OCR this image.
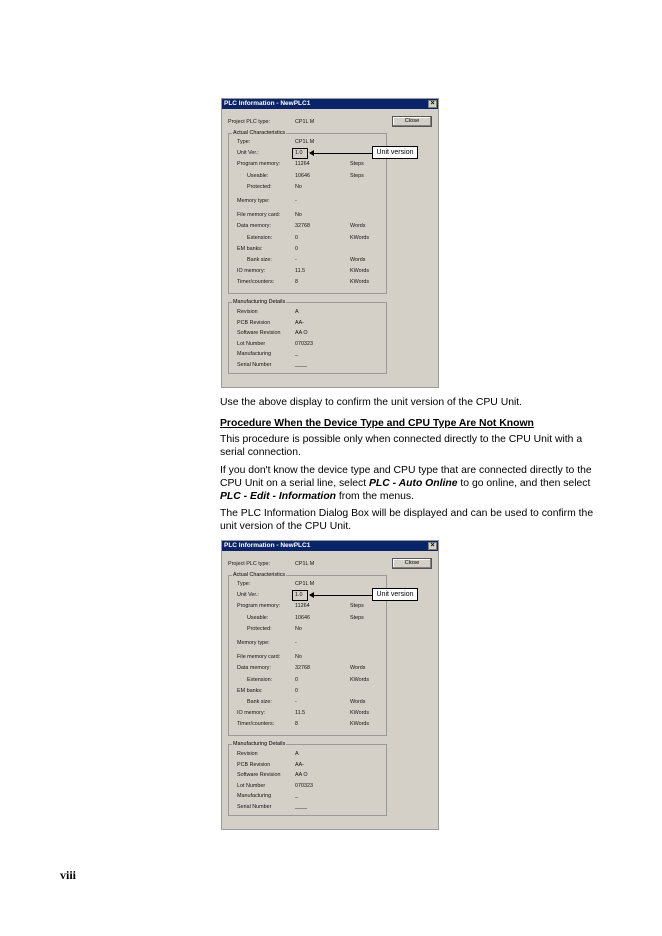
PLC Information - NewPLC1	×
Project PLC type:	CP1L M	Close
Actual Characteristics
Type:	CP1L M
Unit Ver.:	1.0
Program memory:	11264	Steps
Useable:	10646	Steps
Protected:	No
Memory type:	-
File memory card:	No
Data memory:	32768	Words
Extension:	0	KWords
EM banks:	0
Bank size:	-	Words
IO memory:	11.5	KWords
Timer/counters:	8	KWords
Manufacturing Details
Revision	A
PCB Revision	AA-
Software Revision	AA O
Lot Number	070323
Manufacturing	_
Serial Number	____
Unit version
Use the above display to confirm the unit version of the CPU Unit.
Procedure When the Device Type and CPU Type Are Not Known
This procedure is possible only when connected directly to the CPU Unit with a serial connection.
If you don't know the device type and CPU type that are connected directly to the CPU Unit on a serial line, select PLC - Auto Online to go online, and then select PLC - Edit - Information from the menus.
The PLC Information Dialog Box will be displayed and can be used to confirm the unit version of the CPU Unit.
PLC Information - NewPLC1	×
Project PLC type:	CP1L M	Close
Actual Characteristics
Type:	CP1L M
Unit Ver.:	1.0
Program memory:	11264	Steps
Useable:	10646	Steps
Protected:	No
Memory type:	-
File memory card:	No
Data memory:	32768	Words
Extension:	0	KWords
EM banks:	0
Bank size:	-	Words
IO memory:	11.5	KWords
Timer/counters:	8	KWords
Manufacturing Details
Revision	A
PCB Revision	AA-
Software Revision	AA O
Lot Number	070323
Manufacturing	_
Serial Number	____
Unit version
viii
